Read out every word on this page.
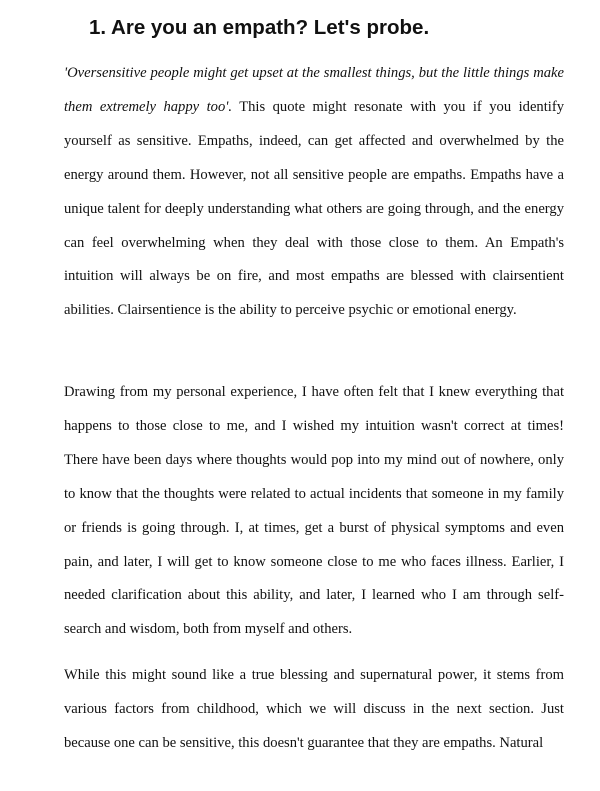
1. Are you an empath? Let's probe.

'Oversensitive people might get upset at the smallest things, but the little things make them extremely happy too'. This quote might resonate with you if you identify yourself as sensitive. Empaths, indeed, can get affected and overwhelmed by the energy around them. However, not all sensitive people are empaths. Empaths have a unique talent for deeply understanding what others are going through, and the energy can feel overwhelming when they deal with those close to them. An Empath's intuition will always be on fire, and most empaths are blessed with clairsentient abilities. Clairsentience is the ability to perceive psychic or emotional energy.

Drawing from my personal experience, I have often felt that I knew everything that happens to those close to me, and I wished my intuition wasn't correct at times! There have been days where thoughts would pop into my mind out of nowhere, only to know that the thoughts were related to actual incidents that someone in my family or friends is going through. I, at times, get a burst of physical symptoms and even pain, and later, I will get to know someone close to me who faces illness. Earlier, I needed clarification about this ability, and later, I learned who I am through self-search and wisdom, both from myself and others.

While this might sound like a true blessing and supernatural power, it stems from various factors from childhood, which we will discuss in the next section. Just because one can be sensitive, this doesn't guarantee that they are empaths. Natural
